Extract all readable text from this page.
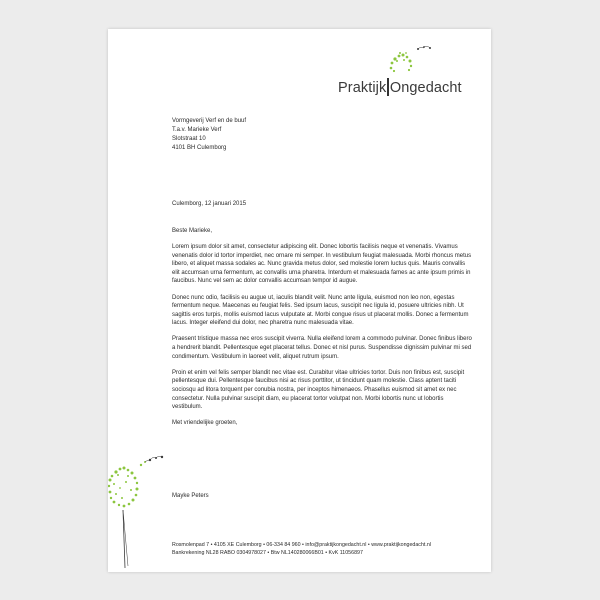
Praktijk Ongedacht
Vormgeverij Verf en de buuf
T.a.v. Marieke Verf
Slotstraat 10
4101 BH Culemborg
Culemborg, 12 januari 2015

Beste Marieke,

Lorem ipsum dolor sit amet, consectetur adipiscing elit. Donec lobortis facilisis neque et venenatis. Vivamus venenatis dolor id tortor imperdiet, nec ornare mi semper. In vestibulum feugiat malesuada. Morbi rhoncus metus libero, et aliquet massa sodales ac. Nunc gravida metus dolor, sed molestie lorem luctus quis. Mauris convallis elit accumsan urna fermentum, ac convallis urna pharetra. Interdum et malesuada fames ac ante ipsum primis in faucibus. Nunc vel sem ac dolor convallis accumsan tempor id augue.

Donec nunc odio, facilisis eu augue ut, iaculis blandit velit. Nunc ante ligula, euismod non leo non, egestas fermentum neque. Maecenas eu feugiat felis. Sed ipsum lacus, suscipit nec ligula id, posuere ultricies nibh. Ut sagittis eros turpis, mollis euismod lacus vulputate at. Morbi congue risus ut placerat mollis. Donec a fermentum lacus. Integer eleifend dui dolor, nec pharetra nunc malesuada vitae.

Praesent tristique massa nec eros suscipit viverra. Nulla eleifend lorem a commodo pulvinar. Donec finibus libero a hendrerit blandit. Pellentesque eget placerat tellus. Donec et nisl purus. Suspendisse dignissim pulvinar mi sed condimentum. Vestibulum in laoreet velit, aliquet rutrum ipsum.

Proin et enim vel felis semper blandit nec vitae est. Curabitur vitae ultricies tortor. Duis non finibus est, suscipit pellentesque dui. Pellentesque faucibus nisi ac risus porttitor, ut tincidunt quam molestie. Class aptent taciti sociosqu ad litora torquent per conubia nostra, per inceptos himenaeos. Phasellus euismod sit amet ex nec consectetur. Nulla pulvinar suscipit diam, eu placerat tortor volutpat non. Morbi lobortis nunc ut lobortis vestibulum.

Met vriendelijke groeten,

Mayke Peters
Rosmolenpad 7 • 4105 XE Culemborg • 06-334 84 960 • info@praktijkongedacht.nl • www.praktijkongedacht.nl
Bankrekening NL28 RABO 0304978027 • Btw NL140280066B01 • KvK 11056897
